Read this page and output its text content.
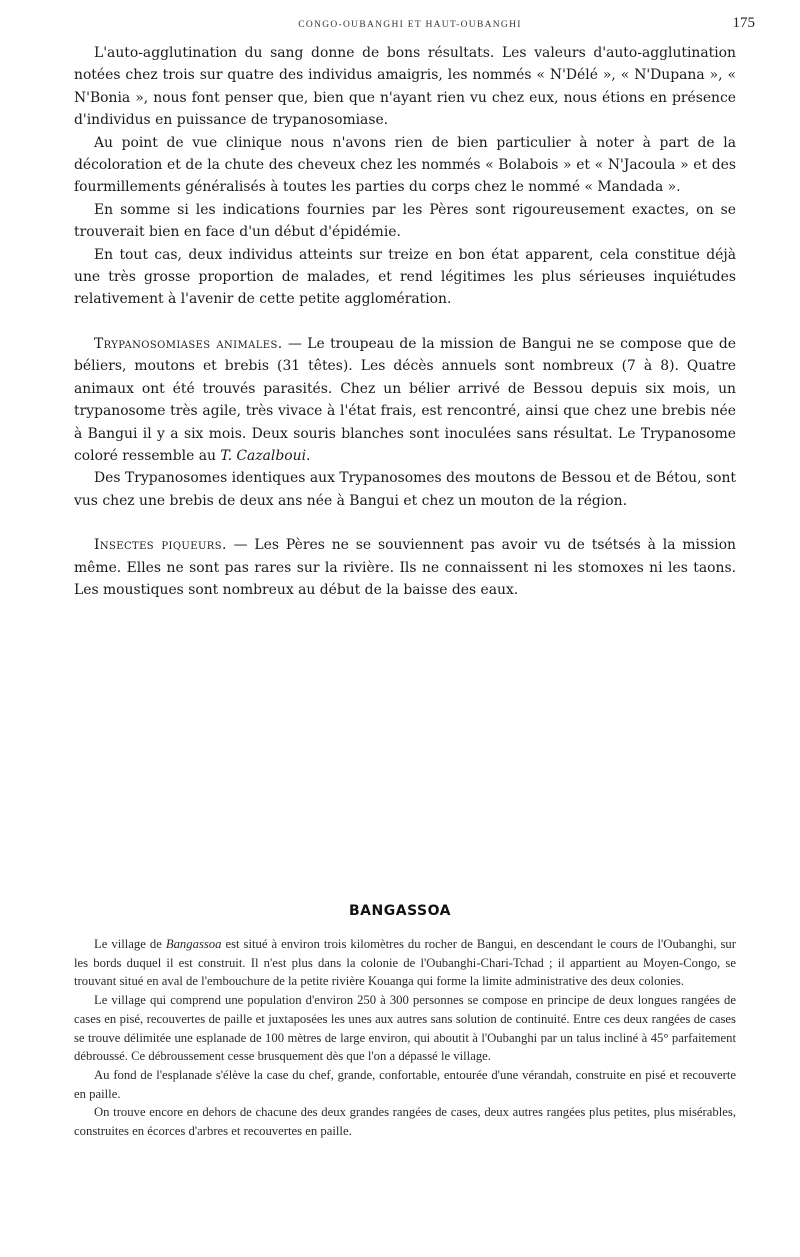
CONGO-OUBANGHI ET HAUT-OUBANGHI	175

L'auto-agglutination du sang donne de bons résultats. Les valeurs d'auto-agglutination notées chez trois sur quatre des individus amaigris, les nommés « N'Délé », « N'Dupana », « N'Bonia », nous font penser que, bien que n'ayant rien vu chez eux, nous étions en présence d'individus en puissance de trypanosomiase.

Au point de vue clinique nous n'avons rien de bien particulier à noter à part de la décoloration et de la chute des cheveux chez les nommés « Bolabois » et « N'Jacoula » et des fourmillements généralisés à toutes les parties du corps chez le nommé « Mandada ».

En somme si les indications fournies par les Pères sont rigoureusement exactes, on se trouverait bien en face d'un début d'épidémie.

En tout cas, deux individus atteints sur treize en bon état apparent, cela constitue déjà une très grosse proportion de malades, et rend légitimes les plus sérieuses inquiétudes relativement à l'avenir de cette petite agglomération.

Trypanosomiases animales. — Le troupeau de la mission de Bangui ne se compose que de béliers, moutons et brebis (31 têtes). Les décès annuels sont nombreux (7 à 8). Quatre animaux ont été trouvés parasités. Chez un bélier arrivé de Bessou depuis six mois, un trypanosome très agile, très vivace à l'état frais, est rencontré, ainsi que chez une brebis née à Bangui il y a six mois. Deux souris blanches sont inoculées sans résultat. Le Trypanosome coloré ressemble au T. Cazalboui.

Des Trypanosomes identiques aux Trypanosomes des moutons de Bessou et de Bétou, sont vus chez une brebis de deux ans née à Bangui et chez un mouton de la région.

Insectes piqueurs. — Les Pères ne se souviennent pas avoir vu de tsétsés à la mission même. Elles ne sont pas rares sur la rivière. Ils ne connaissent ni les stomoxes ni les taons. Les moustiques sont nombreux au début de la baisse des eaux.

BANGASSOA

Le village de Bangassoa est situé à environ trois kilomètres du rocher de Bangui, en descendant le cours de l'Oubanghi, sur les bords duquel il est construit. Il n'est plus dans la colonie de l'Oubanghi-Chari-Tchad ; il appartient au Moyen-Congo, se trouvant situé en aval de l'embouchure de la petite rivière Kouanga qui forme la limite administrative des deux colonies.

Le village qui comprend une population d'environ 250 à 300 personnes se compose en principe de deux longues rangées de cases en pisé, recouvertes de paille et juxtaposées les unes aux autres sans solution de continuité. Entre ces deux rangées de cases se trouve délimitée une esplanade de 100 mètres de large environ, qui aboutit à l'Oubanghi par un talus incliné à 45° parfaitement débroussé. Ce débroussement cesse brusquement dès que l'on a dépassé le village.

Au fond de l'esplanade s'élève la case du chef, grande, confortable, entourée d'une vérandah, construite en pisé et recouverte en paille.

On trouve encore en dehors de chacune des deux grandes rangées de cases, deux autres rangées plus petites, plus misérables, construites en écorces d'arbres et recouvertes en paille.
